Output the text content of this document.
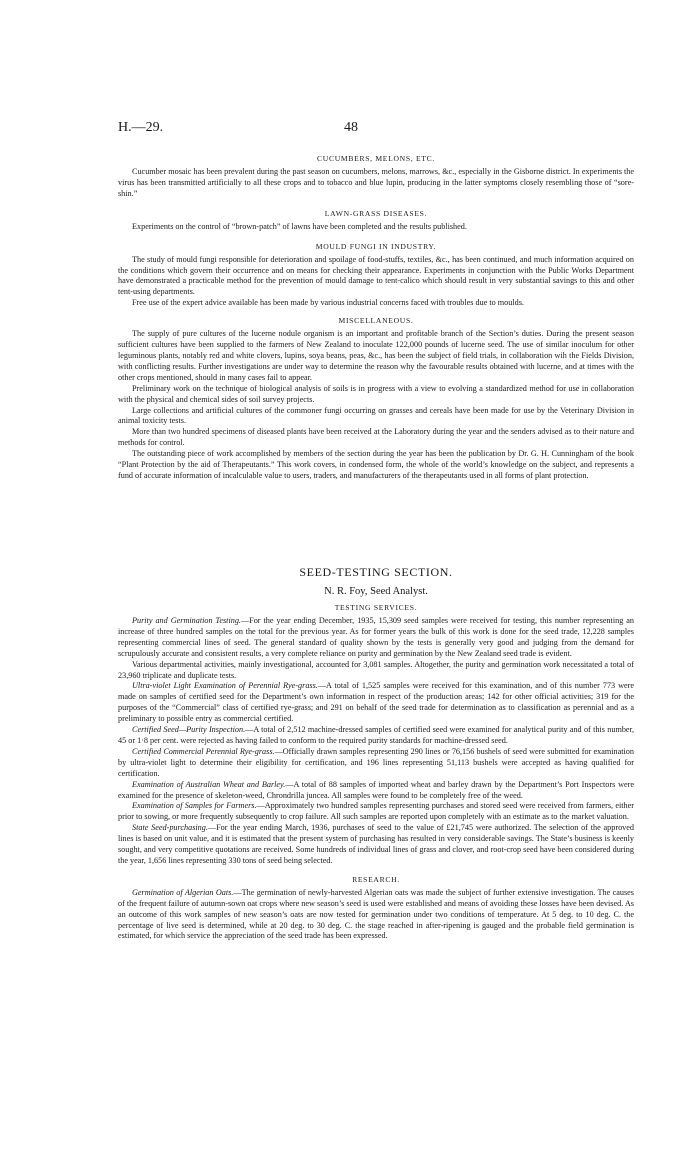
H.—29.	48
CUCUMBERS, MELONS, ETC.

Cucumber mosaic has been prevalent during the past season on cucumbers, melons, marrows, &c., especially in the Gisborne district. In experiments the virus has been transmitted artificially to all these crops and to tobacco and blue lupin, producing in the latter symptoms closely resembling those of “sore-shin.”

LAWN-GRASS DISEASES.

Experiments on the control of “brown-patch” of lawns have been completed and the results published.

MOULD FUNGI IN INDUSTRY.

The study of mould fungi responsible for deterioration and spoilage of food-stuffs, textiles, &c., has been continued, and much information acquired on the conditions which govern their occurrence and on means for checking their appearance. Experiments in conjunction with the Public Works Department have demonstrated a practicable method for the prevention of mould damage to tent-calico which should result in very substantial savings to this and other tent-using departments.

Free use of the expert advice available has been made by various industrial concerns faced with troubles due to moulds.

MISCELLANEOUS.

The supply of pure cultures of the lucerne nodule organism is an important and profitable branch of the Section’s duties. During the present season sufficient cultures have been supplied to the farmers of New Zealand to inoculate 122,000 pounds of lucerne seed. The use of similar inoculum for other leguminous plants, notably red and white clovers, lupins, soya beans, peas, &c., has been the subject of field trials, in collaboration wih the Fields Division, with conflicting results. Further investigations are under way to determine the reason why the favourable results obtained with lucerne, and at times with the other crops mentioned, should in many cases fail to appear.

Preliminary work on the technique of biological analysis of soils is in progress with a view to evolving a standardized method for use in collaboration with the physical and chemical sides of soil survey projects.

Large collections and artificial cultures of the commoner fungi occurring on grasses and cereals have been made for use by the Veterinary Division in animal toxicity tests.

More than two hundred specimens of diseased plants have been received at the Laboratory during the year and the senders advised as to their nature and methods for control.

The outstanding piece of work accomplished by members of the section during the year has been the publication by Dr. G. H. Cunningham of the book “Plant Protection by the aid of Therapeutants.” This work covers, in condensed form, the whole of the world’s knowledge on the subject, and represents a fund of accurate information of incalculable value to users, traders, and manufacturers of the therapeutants used in all forms of plant protection.

SEED-TESTING SECTION.
N. R. Foy, Seed Analyst.
TESTING SERVICES.

Purity and Germination Testing.—For the year ending December, 1935, 15,309 seed samples were received for testing, this number representing an increase of three hundred samples on the total for the previous year. As for former years the bulk of this work is done for the seed trade, 12,228 samples representing commercial lines of seed. The general standard of quality shown by the tests is generally very good and judging from the demand for scrupulously accurate and consistent results, a very complete reliance on purity and germination by the New Zealand seed trade is evident.

Various departmental activities, mainly investigational, accounted for 3,081 samples. Altogether, the purity and germination work necessitated a total of 23,960 triplicate and duplicate tests.

Ultra-violet Light Examination of Perennial Rye-grass.—A total of 1,525 samples were received for this examination, and of this number 773 were made on samples of certified seed for the Department’s own information in respect of the production areas; 142 for other official activities; 319 for the purposes of the “Commercial” class of certified rye-grass; and 291 on behalf of the seed trade for determination as to classification as perennial and as a preliminary to possible entry as commercial certified.

Certified Seed—Purity Inspection.—A total of 2,512 machine-dressed samples of certified seed were examined for analytical purity and of this number, 45 or 1·8 per cent. were rejected as having failed to conform to the required purity standards for machine-dressed seed.

Certified Commercial Perennial Rye-grass.—Officially drawn samples representing 290 lines or 76,156 bushels of seed were submitted for examination by ultra-violet light to determine their eligibility for certification, and 196 lines representing 51,113 bushels were accepted as having qualified for certification.

Examination of Australian Wheat and Barley.—A total of 88 samples of imported wheat and barley drawn by the Department’s Port Inspectors were examined for the presence of skeleton-weed, Chrondrilla juncea. All samples were found to be completely free of the weed.

Examination of Samples for Farmers.—Approximately two hundred samples representing purchases and stored seed were received from farmers, either prior to sowing, or more frequently subsequently to crop failure. All such samples are reported upon completely with an estimate as to the market valuation.

State Seed-purchasing.—For the year ending March, 1936, purchases of seed to the value of £21,745 were authorized. The selection of the approved lines is based on unit value, and it is estimated that the present system of purchasing has resulted in very considerable savings. The State’s business is keenly sought, and very competitive quotations are received. Some hundreds of individual lines of grass and clover, and root-crop seed have been considered during the year, 1,656 lines representing 330 tons of seed being selected.

RESEARCH.

Germination of Algerian Oats.—The germination of newly-harvested Algerian oats was made the subject of further extensive investigation. The causes of the frequent failure of autumn-sown oat crops where new season’s seed is used were established and means of avoiding these losses have been devised. As an outcome of this work samples of new season’s oats are now tested for germination under two conditions of temperature. At 5 deg. to 10 deg. C. the percentage of live seed is determined, while at 20 deg. to 30 deg. C. the stage reached in after-ripening is gauged and the probable field germination is estimated, for which service the appreciation of the seed trade has been expressed.
